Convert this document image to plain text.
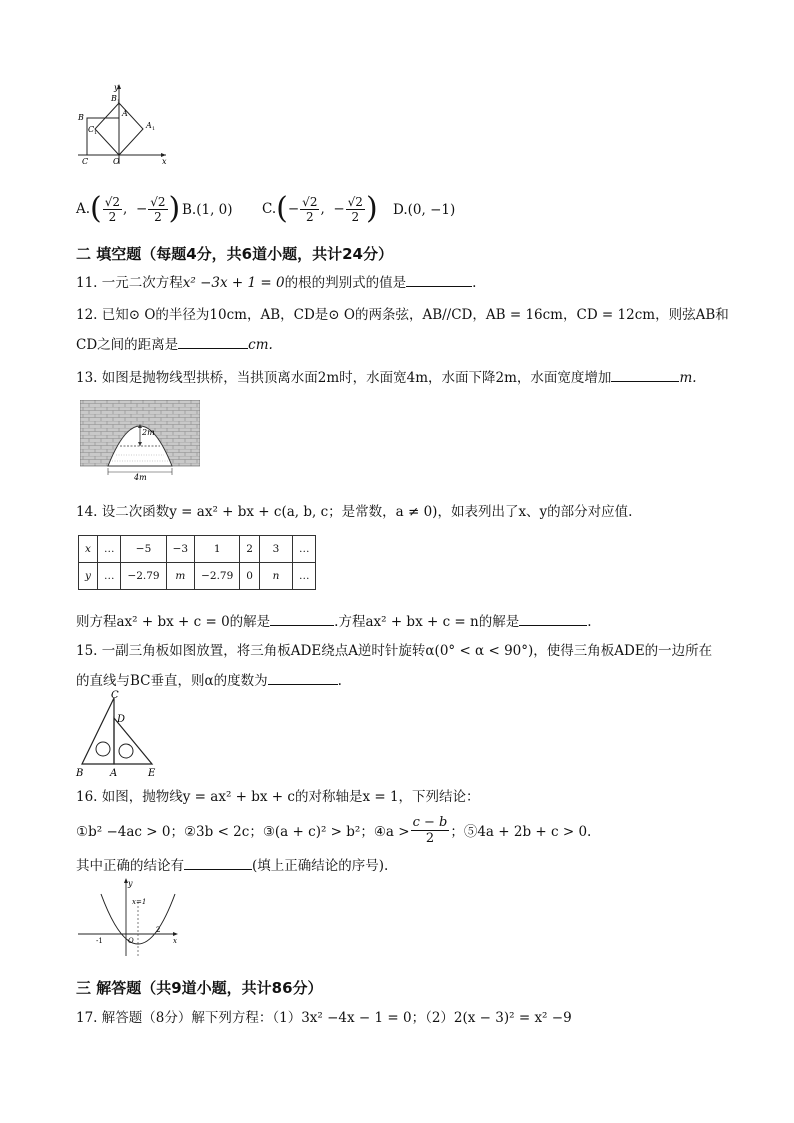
y
B 1
A
A 1
B
C 1
C	O	x
A. ( $\frac{√2}{2}$ ,
− $\frac{√2}{2}$ ) B.(1, 0) C. ( − $\frac{√2}{2}$ ,
− $\frac{√2}{2}$ ) D.(0, −1)
二 填空题（每题4分，共6道小题，共计24分）
11. 一元二次方程x² −3x + 1 = 0的根的判别式的值是	.
12. 已知⊙ O的半径为10cm，AB，CD是⊙ O的两条弦，AB//CD，AB = 16cm，CD = 12cm，则弦AB和
CD之间的距离是	cm.
13. 如图是抛物线型拱桥，当拱顶离水面2m时，水面宽4m，水面下降2m，水面宽度增加	m.
2m
4m
14. 设二次函数y = ax² + bx + c(a, b, c；是常数，a ≠ 0)，如表列出了x、y的部分对应值.
x	…	−5	−3	1	2	3	…
y	…	−2.79	m	−2.79	0	n	…
则方程ax² + bx + c = 0的解是	.方程ax² + bx + c = n的解是	.
15. 一副三角板如图放置，将三角板ADE绕点A逆时针旋转α(0° < α < 90°)，使得三角板ADE的一边所在
的直线与BC垂直，则α的度数为	.
C
D
B	A	E
16. 如图，抛物线y = ax² + bx + c的对称轴是x = 1，下列结论：
①b² −4ac > 0；②3b < 2c；③(a + c)² > b²；④a > $\frac{c - b}{2}$ ；⑤4a + 2b + c > 0.
其中正确的结论有	(填上正确结论的序号).
y
x=1
-1	O
2
x
三 解答题（共9道小题，共计86分）
17. 解答题（8分）解下列方程：（1）3x² −4x − 1 = 0；（2）2(x − 3)² = x² −9
